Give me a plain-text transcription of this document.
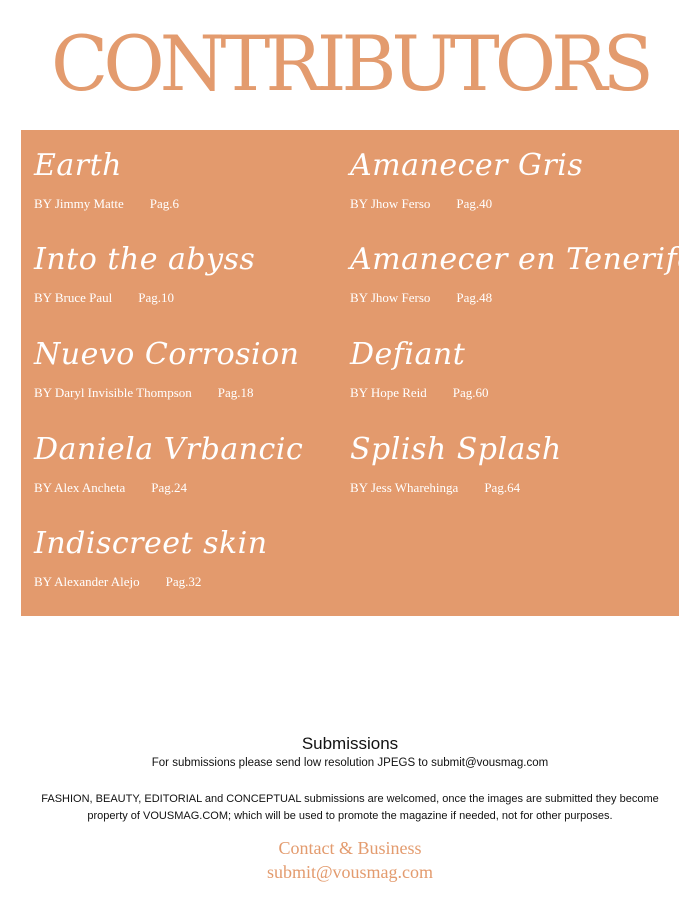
CONTRIBUTORS
Earth
BY Jimmy Matte Pag.6
Into the abyss
BY Bruce Paul Pag.10
Nuevo Corrosion
BY Daryl Invisible Thompson Pag.18
Daniela Vrbancic
BY Alex Ancheta Pag.24
Indiscreet skin
BY Alexander Alejo Pag.32
Amanecer Gris
BY Jhow Ferso Pag.40
Amanecer en Tenerife
BY Jhow Ferso Pag.48
Defiant
BY Hope Reid Pag.60
Splish Splash
BY Jess Wharehinga Pag.64

Submissions

For submissions please send low resolution JPEGS to submit@vousmag.com

FASHION, BEAUTY, EDITORIAL and CONCEPTUAL submissions are welcomed, once the images are submitted they become property of VOUSMAG.COM; which will be used to promote the magazine if needed, not for other purposes.

Contact & Business

submit@vousmag.com
